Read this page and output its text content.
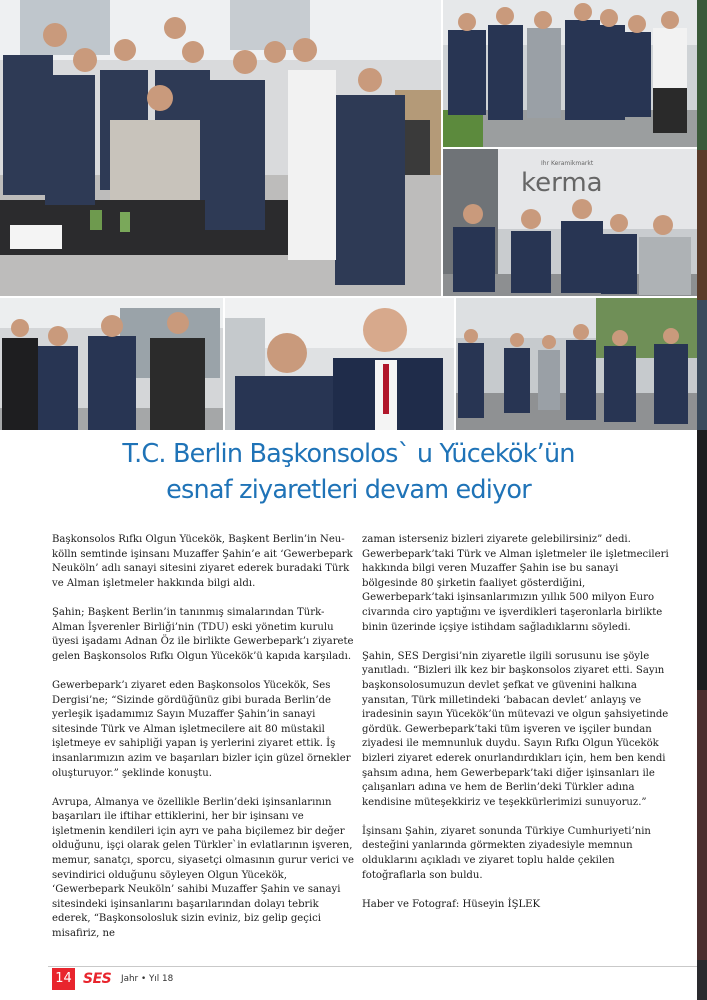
Ihr Keramikmarkt
kerma
T.C. Berlin Başkonsolos` u Yücekök’ün
esnaf ziyaretleri devam ediyor

Başkonsolos Rıfkı Olgun Yücekök, Başkent Berlin’in Neu-kölln semtinde işinsanı Muzaffer Şahin’e ait ‘Gewerbepark Neuköln’ adlı sanayi sitesini ziyaret ederek buradaki Türk ve Alman işletmeler hakkında bilgi aldı.

Şahin; Başkent Berlin’in tanınmış simalarından Türk-Alman İşverenler Birliği’nin (TDU) eski yönetim kurulu üyesi işadamı Adnan Öz ile birlikte Gewerbepark’ı ziyarete gelen Başkonsolos Rıfkı Olgun Yücekök’ü kapıda karşıladı.

Gewerbepark’ı ziyaret eden Başkonsolos Yücekök, Ses Dergisi’ne; “Sizinde gördüğünüz gibi burada Berlin’de yerleşik işadamımız Sayın Muzaffer Şahin’in sanayi sitesinde Türk ve Alman işletmecilere ait 80 müstakil işletmeye ev sahipliği yapan iş yerlerini ziyaret ettik. İş insanlarımızın azim ve başarıları bizler için güzel örnekler oluşturuyor.” şeklinde konuştu.

Avrupa, Almanya ve özellikle Berlin’deki işinsanlarının başarıları ile iftihar ettiklerini, her bir işinsanı ve işletmenin kendileri için ayrı ve paha biçilemez bir değer olduğunu, işçi olarak gelen Türkler`in evlatlarının işveren, memur, sanatçı, sporcu, siyasetçi olmasının gurur verici ve sevindirici olduğunu söyleyen Olgun Yücekök, ‘Gewerbepark Neuköln’ sahibi Muzaffer Şahin ve sanayi sitesindeki işinsanlarını başarılarından dolayı tebrik ederek, “Başkonsolosluk sizin eviniz, biz gelip geçici misafiriz, ne

zaman isterseniz bizleri ziyarete gelebilirsiniz” dedi. Gewerbepark’taki Türk ve Alman işletmeler ile işletmecileri hakkında bilgi veren Muzaffer Şahin ise bu sanayi bölgesinde 80 şirketin faaliyet gösterdiğini, Gewerbepark’taki işinsanlarımızın yıllık 500 milyon Euro civarında ciro yaptığını ve işverdikleri taşeronlarla birlikte binin üzerinde içşiye istihdam sağladıklarını söyledi.

Şahin, SES Dergisi’nin ziyaretle ilgili sorusunu ise şöyle yanıtladı. “Bizleri ilk kez bir başkonsolos ziyaret etti. Sayın başkonsolosumuzun devlet şefkat ve güvenini halkına yansıtan, Türk milletindeki ‘babacan devlet’ anlayış ve iradesinin sayın Yücekök’ün mütevazi ve olgun şahsiyetinde gördük. Gewerbepark’taki tüm işveren ve işçiler bundan ziyadesi ile memnunluk duydu. Sayın Rıfkı Olgun Yücekök bizleri ziyaret ederek onurlandırdıkları için, hem ben kendi şahsım adına, hem Gewerbepark’taki diğer işinsanları ile çalışanları adına ve hem de Berlin’deki Türkler adına kendisine müteşekkiriz ve teşekkürlerimizi sunuyoruz.”

İşinsanı Şahin, ziyaret sonunda Türkiye Cumhuriyeti’nin desteğini yanlarında görmekten ziyadesiyle memnun olduklarını açıkladı ve ziyaret toplu halde çekilen fotoğraflarla son buldu.

Haber ve Fotograf: Hüseyin İŞLEK

14 SES Jahr • Yıl 18
